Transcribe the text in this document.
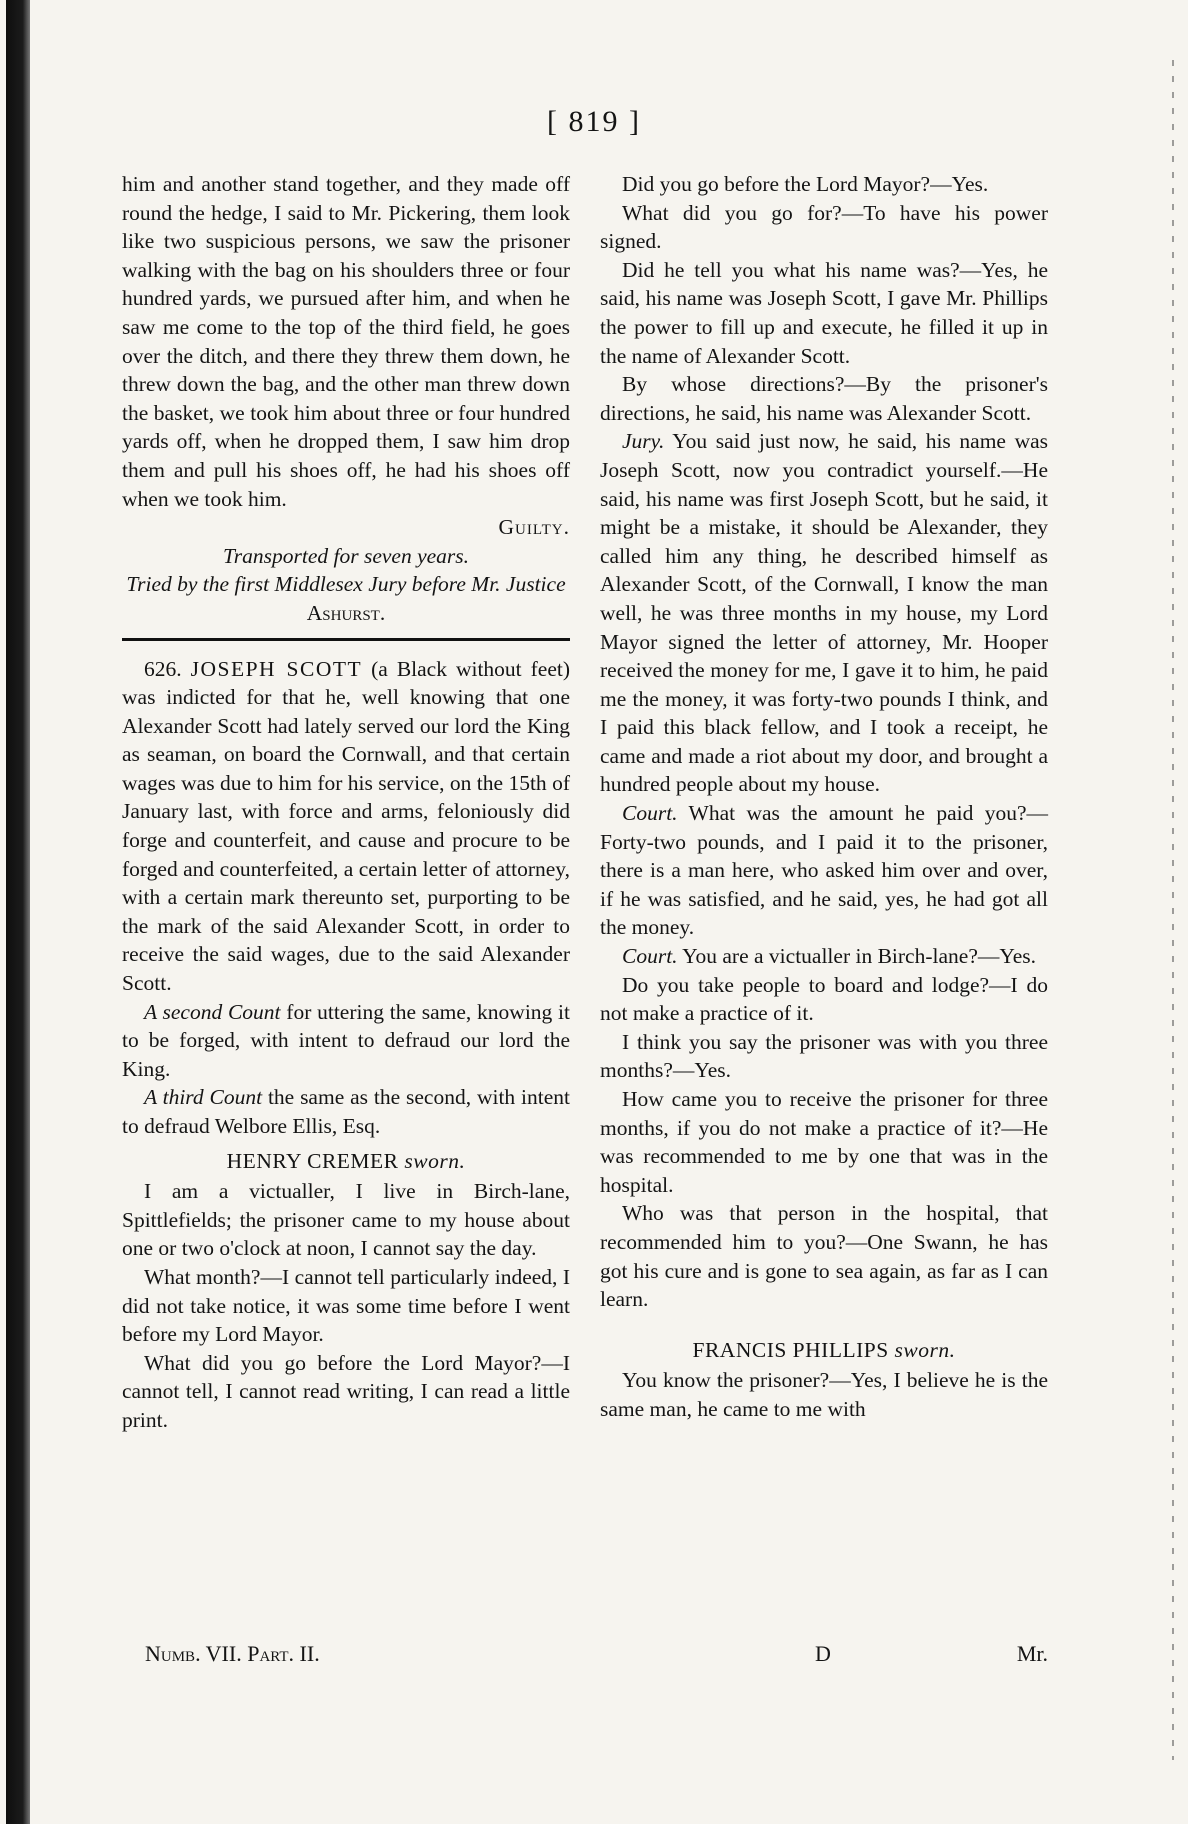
[ 819 ]

him and another stand together, and they made off round the hedge, I said to Mr. Pickering, them look like two suspicious persons, we saw the prisoner walking with the bag on his shoulders three or four hundred yards, we pursued after him, and when he saw me come to the top of the third field, he goes over the ditch, and there they threw them down, he threw down the bag, and the other man threw down the basket, we took him about three or four hundred yards off, when he dropped them, I saw him drop them and pull his shoes off, he had his shoes off when we took him.

Guilty.

Transported for seven years.

Tried by the first Middlesex Jury before Mr. Justice Ashurst.

626. JOSEPH SCOTT (a Black without feet) was indicted for that he, well knowing that one Alexander Scott had lately served our lord the King as seaman, on board the Cornwall, and that certain wages was due to him for his service, on the 15th of January last, with force and arms, feloniously did forge and counterfeit, and cause and procure to be forged and counterfeited, a certain letter of attorney, with a certain mark thereunto set, purporting to be the mark of the said Alexander Scott, in order to receive the said wages, due to the said Alexander Scott.

A second Count for uttering the same, knowing it to be forged, with intent to defraud our lord the King.

A third Count the same as the second, with intent to defraud Welbore Ellis, Esq.

HENRY CREMER sworn.

I am a victualler, I live in Birch-lane, Spittlefields; the prisoner came to my house about one or two o'clock at noon, I cannot say the day.

What month?—I cannot tell particularly indeed, I did not take notice, it was some time before I went before my Lord Mayor.

What did you go before the Lord Mayor?—I cannot tell, I cannot read writing, I can read a little print.

Did you go before the Lord Mayor?—Yes.

What did you go for?—To have his power signed.

Did he tell you what his name was?—Yes, he said, his name was Joseph Scott, I gave Mr. Phillips the power to fill up and execute, he filled it up in the name of Alexander Scott.

By whose directions?—By the prisoner's directions, he said, his name was Alexander Scott.

Jury. You said just now, he said, his name was Joseph Scott, now you contradict yourself.—He said, his name was first Joseph Scott, but he said, it might be a mistake, it should be Alexander, they called him any thing, he described himself as Alexander Scott, of the Cornwall, I know the man well, he was three months in my house, my Lord Mayor signed the letter of attorney, Mr. Hooper received the money for me, I gave it to him, he paid me the money, it was forty-two pounds I think, and I paid this black fellow, and I took a receipt, he came and made a riot about my door, and brought a hundred people about my house.

Court. What was the amount he paid you?—Forty-two pounds, and I paid it to the prisoner, there is a man here, who asked him over and over, if he was satisfied, and he said, yes, he had got all the money.

Court. You are a victualler in Birch-lane?—Yes.

Do you take people to board and lodge?—I do not make a practice of it.

I think you say the prisoner was with you three months?—Yes.

How came you to receive the prisoner for three months, if you do not make a practice of it?—He was recommended to me by one that was in the hospital.

Who was that person in the hospital, that recommended him to you?—One Swann, he has got his cure and is gone to sea again, as far as I can learn.

FRANCIS PHILLIPS sworn.

You know the prisoner?—Yes, I believe he is the same man, he came to me with

Numb. VII. Part. II.	D	Mr.
